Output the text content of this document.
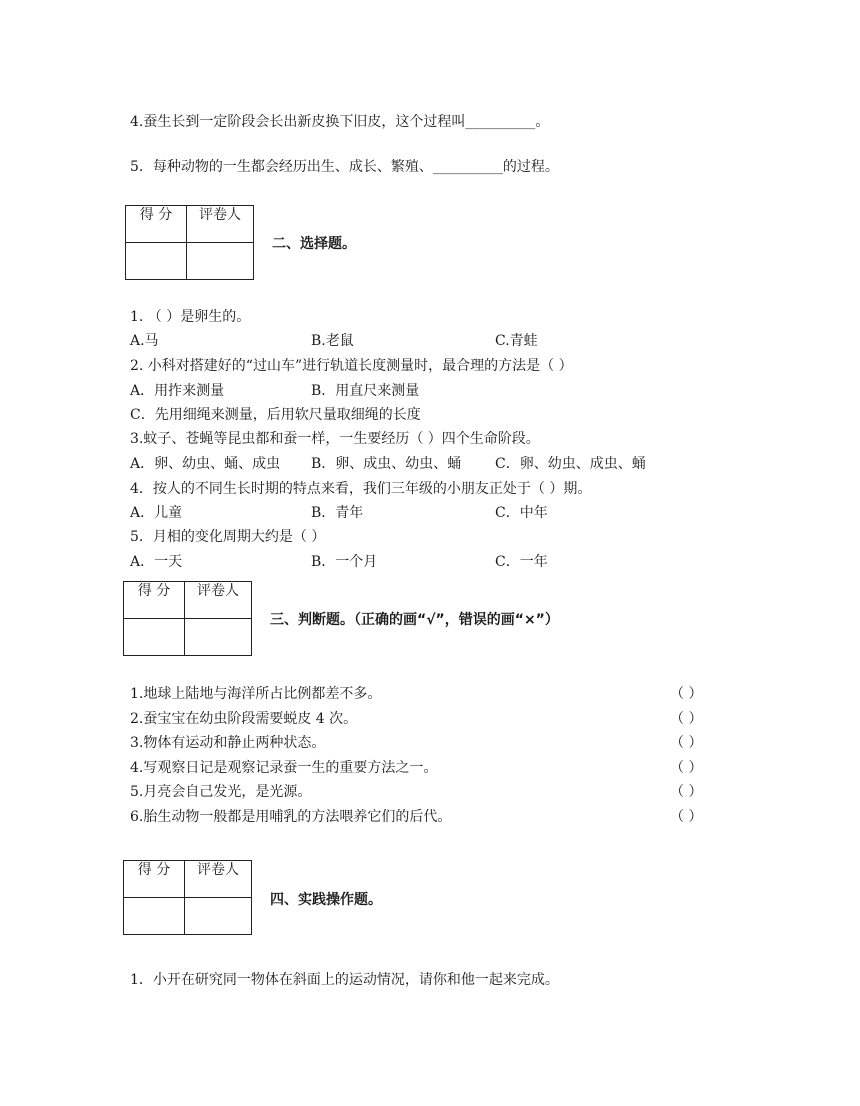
4.蚕生长到一定阶段会长出新皮换下旧皮，这个过程叫__________。
5．每种动物的一生都会经历出生、成长、繁殖、__________的过程。
得 分	评卷人

二、选择题。
1. （ ）是卵生的。
A.马	B.老鼠	C.青蛙
2. 小科对搭建好的“过山车”进行轨道长度测量时，最合理的方法是（ ）
A．用拃来测量	B．用直尺来测量
C．先用细绳来测量，后用软尺量取细绳的长度
3.蚊子、苍蝇等昆虫都和蚕一样，一生要经历（ ）四个生命阶段。
A．卵、幼虫、蛹、成虫 B．卵、成虫、幼虫、蛹 C．卵、幼虫、成虫、蛹
4．按人的不同生长时期的特点来看，我们三年级的小朋友正处于（ ）期。
A．儿童	B．青年	C．中年
5．月相的变化周期大约是（ ）
A．一天	B．一个月	C．一年
得 分	评卷人

三、判断题。（正确的画“√”，错误的画“×”）
1.地球上陆地与海洋所占比例都差不多。	（ ）
2.蚕宝宝在幼虫阶段需要蜕皮 4 次。	（ ）
3.物体有运动和静止两种状态。	（ ）
4.写观察日记是观察记录蚕一生的重要方法之一。	（ ）
5.月亮会自己发光，是光源。	（ ）
6.胎生动物一般都是用哺乳的方法喂养它们的后代。	（ ）
得 分	评卷人

四、实践操作题。
1．小开在研究同一物体在斜面上的运动情况，请你和他一起来完成。
